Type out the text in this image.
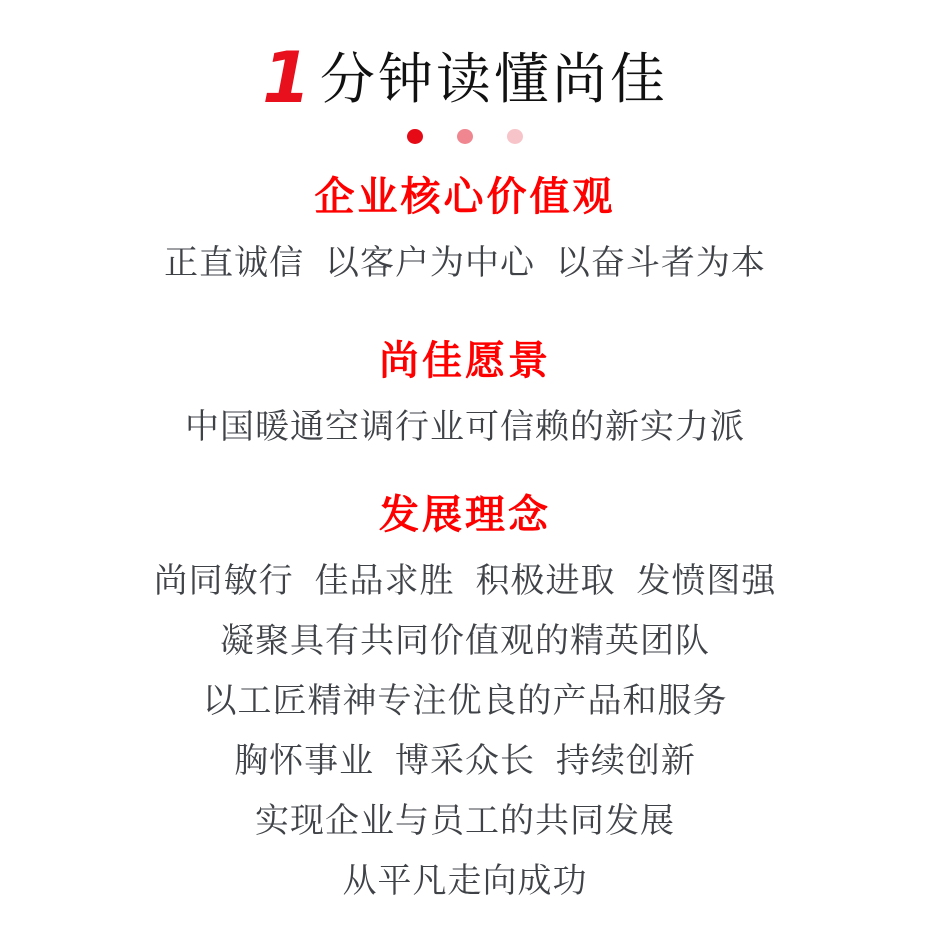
1 分钟读懂尚佳

企业核心价值观

正直诚信  以客户为中心  以奋斗者为本

尚佳愿景

中国暖通空调行业可信赖的新实力派

发展理念

尚同敏行  佳品求胜  积极进取  发愤图强

凝聚具有共同价值观的精英团队

以工匠精神专注优良的产品和服务

胸怀事业  博采众长  持续创新

实现企业与员工的共同发展

从平凡走向成功
